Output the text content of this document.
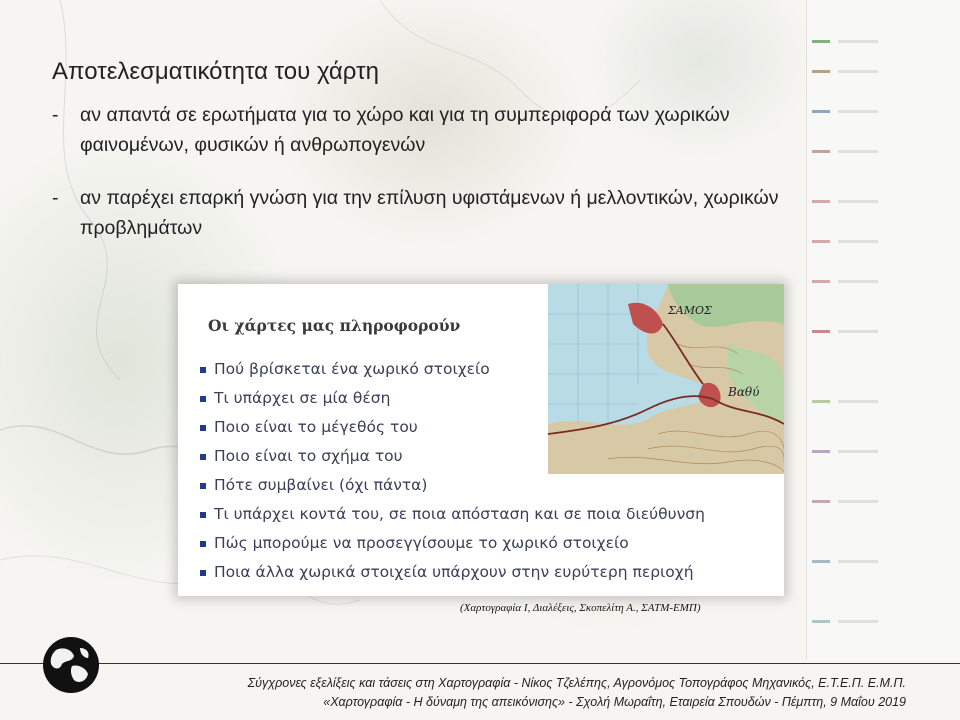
Αποτελεσματικότητα του χάρτη
- αν απαντά σε ερωτήματα για το χώρο και για τη συμπεριφορά των χωρικών φαινομένων, φυσικών ή ανθρωπογενών
- αν παρέχει επαρκή γνώση για την επίλυση υφιστάμενων ή μελλοντικών, χωρικών προβλημάτων
Οι χάρτες μας πληροφορούν
Πού βρίσκεται ένα χωρικό στοιχείο
Τι υπάρχει σε μία θέση
Ποιο είναι το μέγεθός του
Ποιο είναι το σχήμα του
Πότε συμβαίνει (όχι πάντα)
Τι υπάρχει κοντά του, σε ποια απόσταση και σε ποια διεύθυνση
Πώς μπορούμε να προσεγγίσουμε το χωρικό στοιχείο
Ποια άλλα χωρικά στοιχεία υπάρχουν στην ευρύτερη περιοχή
ΣΑΜΟΣ
Βαθύ
(Χαρτογραφία Ι, Διαλέξεις, Σκοπελίτη Α., ΣΑΤΜ-ΕΜΠ)
Σύγχρονες εξελίξεις και τάσεις στη Χαρτογραφία - Νίκος Τζελέπης, Αγρονόμος Τοπογράφος Μηχανικός, Ε.Τ.Ε.Π. Ε.Μ.Π.
«Χαρτογραφία - Η δύναμη της απεικόνισης» - Σχολή Μωραΐτη, Εταιρεία Σπουδών - Πέμπτη, 9 Μαΐου 2019
